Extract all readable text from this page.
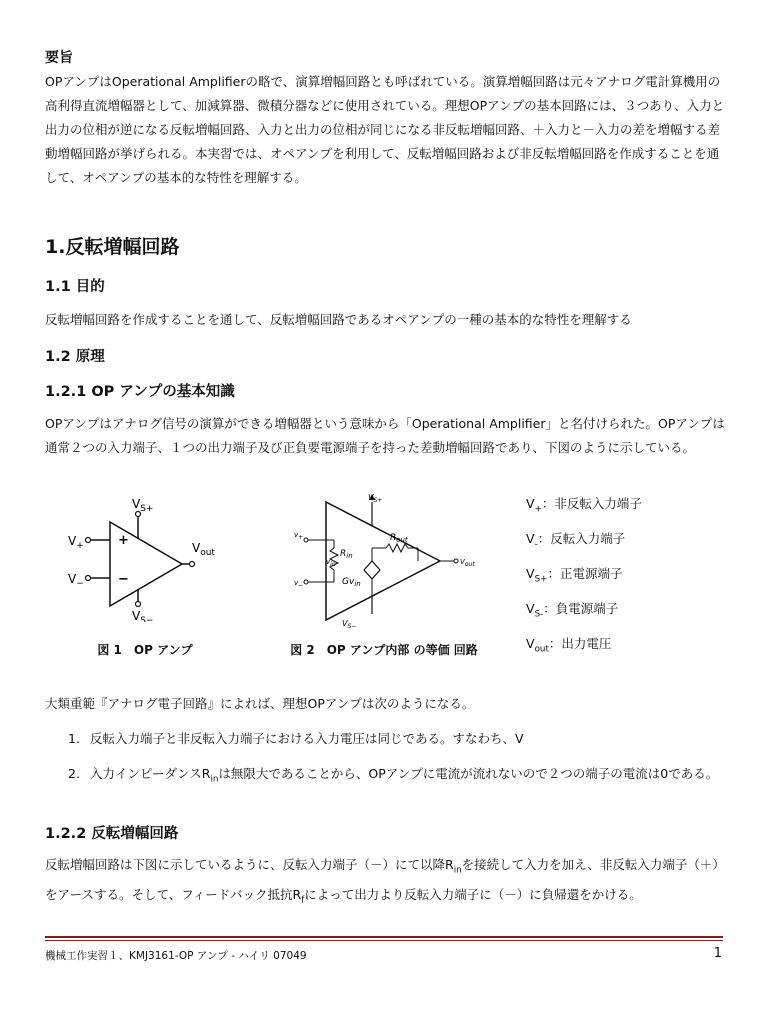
要旨
OPアンプはOperational Amplifierの略で、演算増幅回路とも呼ばれている。演算増幅回路は元々アナログ電計算機用の高利得直流増幅器として、加減算器、微積分器などに使用されている。理想OPアンプの基本回路には、３つあり、入力と出力の位相が逆になる反転増幅回路、入力と出力の位相が同じになる非反転増幅回路、＋入力と－入力の差を増幅する差動増幅回路が挙げられる。本実習では、オペアンプを利用して、反転増幅回路および非反転増幅回路を作成することを通して、オペアンプの基本的な特性を理解する。
1.反転増幅回路
1.1 目的
反転増幅回路を作成することを通して、反転増幅回路であるオペアンプの一種の基本的な特性を理解する
1.2 原理
1.2.1 OP アンプの基本知識
OPアンプはアナログ信号の演算ができる増幅器という意味から「Operational Amplifier」と名付けられた。OPアンプは通常２つの入力端子、１つの出力端子及び正負要電源端子を持った差動増幅回路であり、下図のように示している。
+
−
$V_{S+}$
$V_{S-}$
$V_+$
$V_-$
$V_{out}$
図 1　OP アンプ
$R_{in}$
$R_{out}$
$Gv_{in}$
vin
$V_{S+}$
$V_{S-}$
v+
v−
Vout
図 2　OP アンプ内部 の等価 回路
$V_+$：非反転入力端子
$V_-$：反転入力端子
$V_{S+}$：正電源端子
$V_{S-}$：負電源端子
$V_{out}$：出力電圧
大類重範『アナログ電子回路』によれば、理想OPアンプは次のようになる。
1. 反転入力端子と非反転入力端子における入力電圧は同じである。すなわち、V
2. 入力インピーダンス$R_{in}$は無限大であることから、OPアンプに電流が流れないので２つの端子の電流は0である。
1.2.2 反転増幅回路
反転増幅回路は下図に示しているように、反転入力端子（－）にて以降$R_{in}$を接続して入力を加え、非反転入力端子（＋）をアースする。そして、フィードバック抵抗$R_f$によって出力より反転入力端子に（－）に負帰還をかける。
機械工作実習１、KMJ3161-OP アンプ - ハイリ 07049	1
